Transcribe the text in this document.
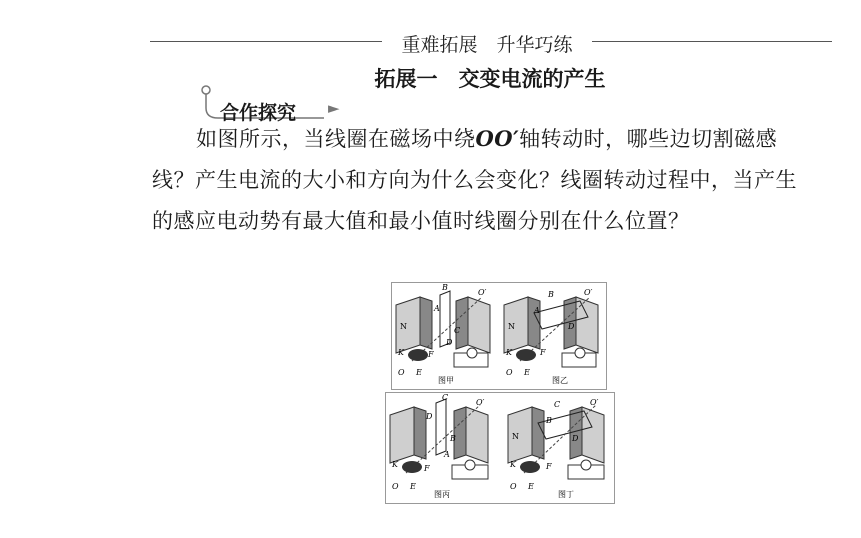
重难拓展　升华巧练
拓展一　交变电流的产生
合作探究 ►
如图所示，当线圈在磁场中绕OO′轴转动时，哪些边切割磁感线？产生电流的大小和方向为什么会变化？线圈转动过程中，当产生的感应电动势有最大值和最小值时线圈分别在什么位置？
B
O′
A
C
D
F
K
O E
N
图甲
B	O′
A
D
F
K
O E
N
图乙
C
O′
D
B
A
F
K
O E
图丙
C	O′
B
D
F
K
O E
N
图丁
